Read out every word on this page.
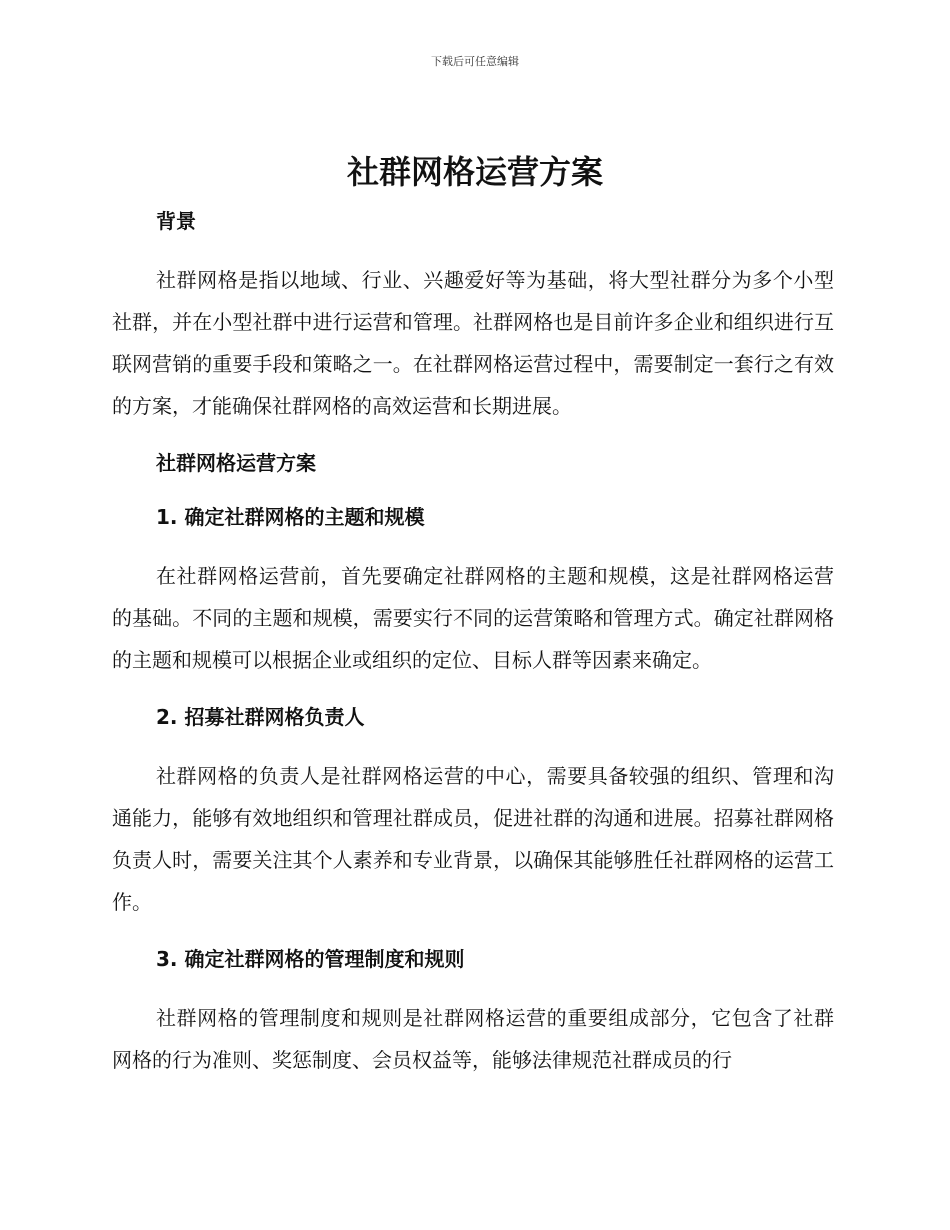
下载后可任意编辑
社群网格运营方案

背景

社群网格是指以地域、行业、兴趣爱好等为基础，将大型社群分为多个小型社群，并在小型社群中进行运营和管理。社群网格也是目前许多企业和组织进行互联网营销的重要手段和策略之一。在社群网格运营过程中，需要制定一套行之有效的方案，才能确保社群网格的高效运营和长期进展。

社群网格运营方案

1. 确定社群网格的主题和规模

在社群网格运营前，首先要确定社群网格的主题和规模，这是社群网格运营的基础。不同的主题和规模，需要实行不同的运营策略和管理方式。确定社群网格的主题和规模可以根据企业或组织的定位、目标人群等因素来确定。

2. 招募社群网格负责人

社群网格的负责人是社群网格运营的中心，需要具备较强的组织、管理和沟通能力，能够有效地组织和管理社群成员，促进社群的沟通和进展。招募社群网格负责人时，需要关注其个人素养和专业背景，以确保其能够胜任社群网格的运营工作。

3. 确定社群网格的管理制度和规则

社群网格的管理制度和规则是社群网格运营的重要组成部分，它包含了社群网格的行为准则、奖惩制度、会员权益等，能够法律规范社群成员的行
